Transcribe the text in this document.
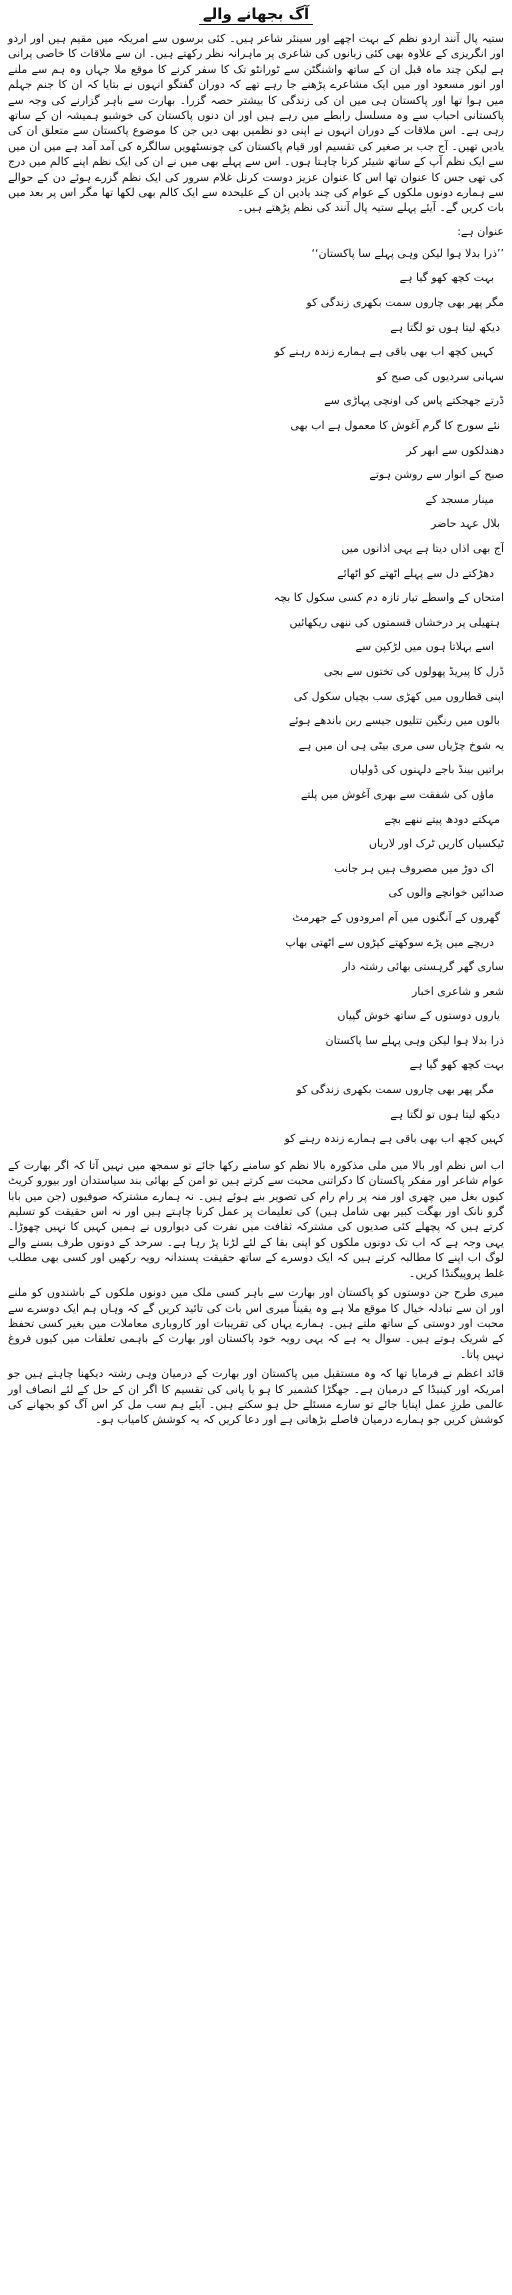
آگ بجھانے والے

ستیہ پال آنند اردو نظم کے بہت اچھے اور سینئر شاعر ہیں۔ کئی برسوں سے امریکہ میں مقیم ہیں اور اردو اور انگریزی کے علاوہ بھی کئی زبانوں کی شاعری پر ماہرانہ نظر رکھتے ہیں۔ ان سے ملاقات کا خاصی پرانی ہے لیکن چند ماہ قبل ان کے ساتھ واشنگٹن سے ٹورانٹو تک کا سفر کرنے کا موقع ملا جہاں وہ ہم سے ملنے اور انور مسعود اور میں ایک مشاعرے پڑھنے جا رہے تھے کہ دوران گفتگو انہوں نے بتایا کہ ان کا جنم جہلم میں ہوا تھا اور پاکستان ہی میں ان کی زندگی کا بیشتر حصہ گزرا۔ بھارت سے باہر گزارنے کی وجہ سے پاکستانی احباب سے وہ مسلسل رابطے میں رہے ہیں اور ان دنوں پاکستان کی خوشبو ہمیشہ ان کے ساتھ رہی ہے۔ اس ملاقات کے دوران انہوں نے اپنی دو نظمیں بھی دیں جن کا موضوع پاکستان سے متعلق ان کی یادیں تھیں۔ آج جب بر صغیر کی تقسیم اور قیام پاکستان کی چونسٹھویں سالگرہ کی آمد آمد ہے میں ان میں سے ایک نظم آپ کے ساتھ شیئر کرنا چاہتا ہوں۔ اس سے پہلے بھی میں نے ان کی ایک نظم اپنے کالم میں درج کی تھی جس کا عنوان تھا اس کا عنوان عزیز دوست کرنل غلام سرور کی ایک نظم گزرے ہوئے دن کے حوالے سے ہمارے دونوں ملکوں کے عوام کی چند یادیں ان کے علیحدہ سے ایک کالم بھی لکھا تھا مگر اس پر بعد میں بات کریں گے۔ آیئے پہلے ستیہ پال آنند کی نظم پڑھتے ہیں۔

عنوان ہے:
’’ذرا بدلا ہوا لیکن وہی پہلے سا پاکستان‘‘
بہت کچھ کھو گیا ہے
مگر پھر بھی چاروں سمت بکھری زندگی کو
دیکھ لیتا ہوں تو لگتا ہے
کہیں کچھ اب بھی باقی ہے ہمارے زندہ رہنے کو
سہانی سردیوں کی صبح کو
ڈرتے جھجکتے پاس کی اونچی پہاڑی سے
نئے سورج کا گرم آغوش کا معمول ہے اب بھی
دھندلکوں سے ابھر کر
صبح کے انوار سے روشن ہوتے
مینار مسجد کے
بلال عہد حاضر
آج بھی اذاں دیتا ہے یہی اذانوں میں
دھڑکتے دل سے پہلے اٹھتے کو اٹھائے
امتحاں کے واسطے تیار تازہ دم کسی سکول کا بچہ
ہتھیلی پر درخشاں قسمتوں کی ننھی ریکھائیں
اسے بہلاتا ہوں میں لڑکپن سے
ڈرل کا پیریڈ پھولوں کی تختوں سے بجی
اپنی قطاروں میں کھڑی سب بچیاں سکول کی
بالوں میں رنگین تتلیوں جیسے ربن باندھے ہوئے
یہ شوخ چڑیاں سی مری بیٹی ہی ان میں ہے
براتیں بینڈ باجے دلہنوں کی ڈولیاں
ماؤں کی شفقت سے بھری آغوش میں پلتے
مہکتے دودھ پیتے ننھے بچے
ٹیکسیاں کاریں ٹرک اور لاریاں
اک دوڑ میں مصروف ہیں ہر جانب
صدائیں خوانچے والوں کی
گھروں کے آنگنوں میں آم امرودوں کے جھرمٹ
دریچے میں پڑے سوکھتے کپڑوں سے اٹھتی بھاپ
ساری گھر گرہستی بھائی رشتہ دار
شعر و شاعری اخبار
یاروں دوستوں کے ساتھ خوش گپیاں
ذرا بدلا ہوا لیکن وہی پہلے سا پاکستان
بہت کچھ کھو گیا ہے
مگر پھر بھی چاروں سمت بکھری زندگی کو
دیکھ لیتا ہوں تو لگتا ہے
کہیں کچھ اب بھی باقی ہے ہمارے زندہ رہنے کو

اب اس نظم اور بالا میں ملی مذکورہ بالا نظم کو سامنے رکھا جائے تو سمجھ میں نہیں آتا کہ اگر بھارت کے عوام شاعر اور مفکر پاکستان کا دکراتنی محبت سے کرتے ہیں تو امن کے بھائی بند سیاستدان اور بیورو کریٹ کیوں بغل میں چھری اور منہ پر رام رام کی تصویر بنے ہوئے ہیں۔ نہ ہمارے مشترکہ صوفیوں (جن میں بابا گرو نانک اور بھگت کبیر بھی شامل ہیں) کی تعلیمات پر عمل کرنا چاہتے ہیں اور نہ اس حقیقت کو تسلیم کرتے ہیں کہ پچھلے کئی صدیوں کی مشترکہ ثقافت میں نفرت کی دیواروں نے ہمیں کہیں کا نہیں چھوڑا۔ یہی وجہ ہے کہ اب تک دونوں ملکوں کو اپنی بقا کے لئے لڑنا پڑ رہا ہے۔ سرحد کے دونوں طرف بسنے والے لوگ اب اپنے کا مطالبہ کرتے ہیں کہ ایک دوسرے کے ساتھ حقیقت پسندانہ رویہ رکھیں اور کسی بھی مطلب غلط پروپیگنڈا کریں۔

میری طرح جن دوستوں کو پاکستان اور بھارت سے باہر کسی ملک میں دونوں ملکوں کے باشندوں کو ملنے اور ان سے تبادلہ خیال کا موقع ملا ہے وہ یقیناً میری اس بات کی تائید کریں گے کہ وہاں ہم ایک دوسرے سے محبت اور دوستی کے ساتھ ملتے ہیں۔ ہمارے یہاں کی تقریبات اور کاروباری معاملات میں بغیر کسی تحفظ کے شریک ہوتے ہیں۔ سوال یہ ہے کہ یہی رویہ خود پاکستان اور بھارت کے باہمی تعلقات میں کیوں فروغ نہیں پاتا۔

قائد اعظم نے فرمایا تھا کہ وہ مستقبل میں پاکستان اور بھارت کے درمیان وہی رشتہ دیکھنا چاہتے ہیں جو امریکہ اور کینیڈا کے درمیان ہے۔ جھگڑا کشمیر کا ہو یا پانی کی تقسیم کا اگر ان کے حل کے لئے انصاف اور عالمی طرزِ عمل اپنایا جائے تو سارے مسئلے حل ہو سکتے ہیں۔ آیئے ہم سب مل کر اس آگ کو بجھانے کی کوشش کریں جو ہمارے درمیان فاصلے بڑھاتی ہے اور دعا کریں کہ یہ کوشش کامیاب ہو۔
